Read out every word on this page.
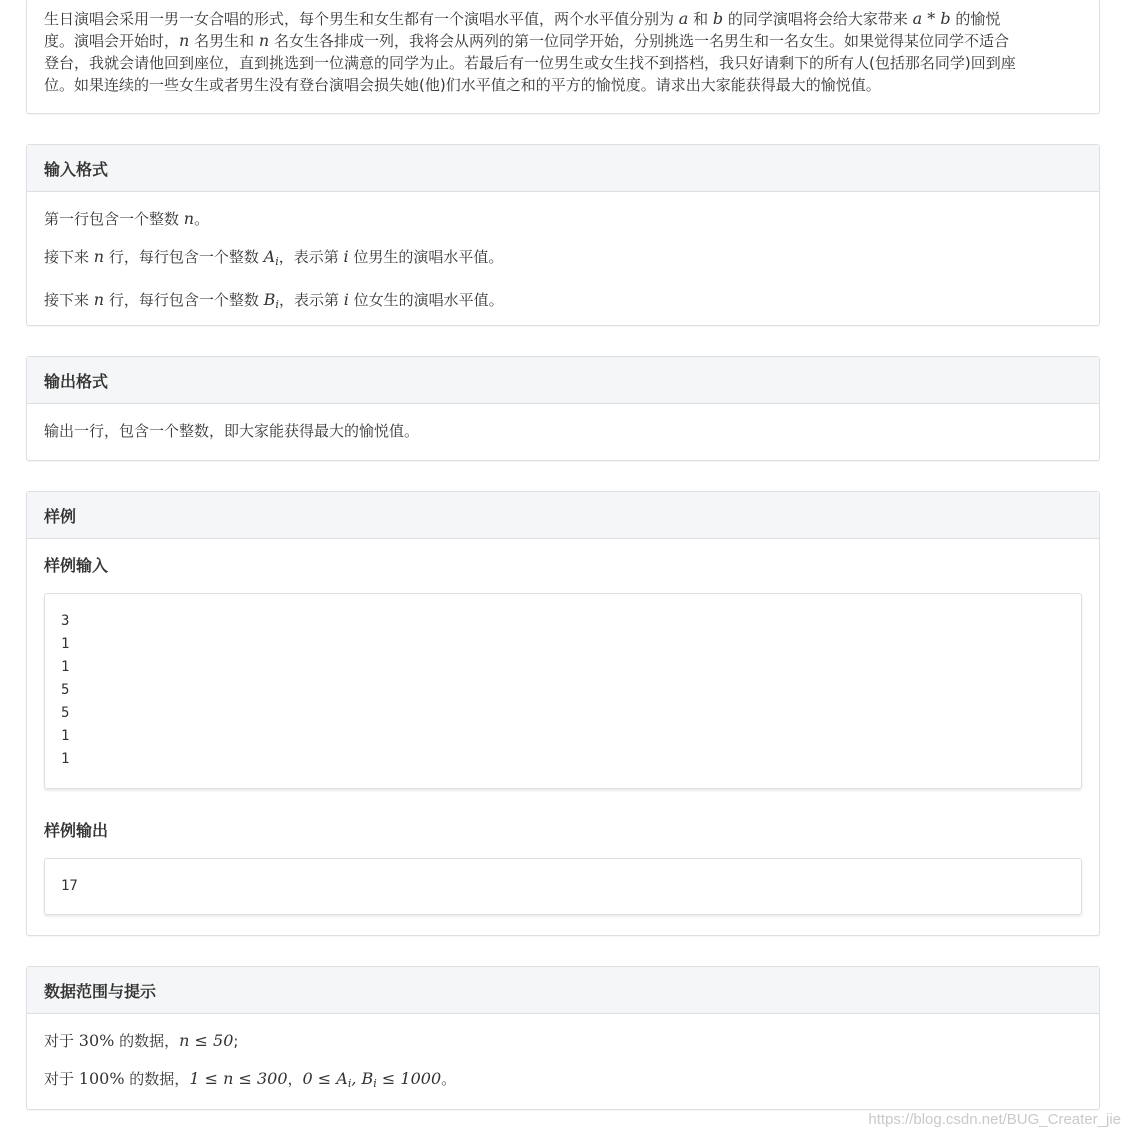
生日演唱会采用一男一女合唱的形式，每个男生和女生都有一个演唱水平值，两个水平值分别为 a 和 b 的同学演唱将会给大家带来 a * b 的愉悦

度。演唱会开始时，n 名男生和 n 名女生各排成一列，我将会从两列的第一位同学开始，分别挑选一名男生和一名女生。如果觉得某位同学不适合

登台，我就会请他回到座位，直到挑选到一位满意的同学为止。若最后有一位男生或女生找不到搭档，我只好请剩下的所有人(包括那名同学)回到座

位。如果连续的一些女生或者男生没有登台演唱会损失她(他)们水平值之和的平方的愉悦度。请求出大家能获得最大的愉悦值。

输入格式

第一行包含一个整数 n。

接下来 n 行，每行包含一个整数 $A_i$，表示第 i 位男生的演唱水平值。

接下来 n 行，每行包含一个整数 $B_i$，表示第 i 位女生的演唱水平值。

输出格式

输出一行，包含一个整数，即大家能获得最大的愉悦值。

样例

样例输入

3
1
1
5
5
1
1

样例输出

17
数据范围与提示

对于 30% 的数据，n ≤ 50;

对于 100% 的数据，1 ≤ n ≤ 300，$0 \le A_i$, $B_i \le 1000$。

https://blog.csdn.net/BUG_Creater_jie
